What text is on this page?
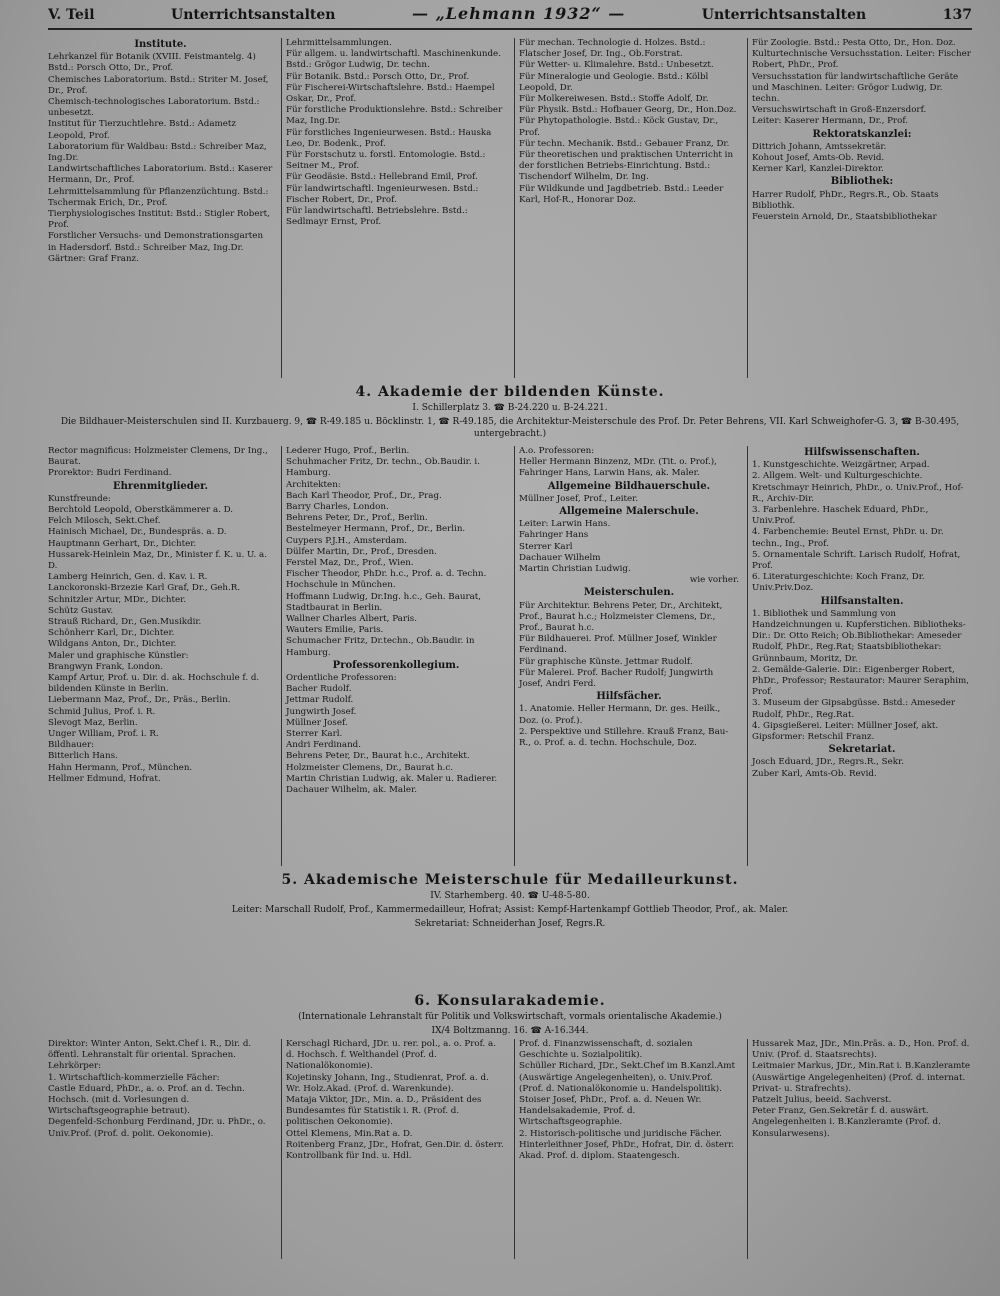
V. Teil	Unterrichtsanstalten	— „Lehmann 1932“ —	Unterrichtsanstalten	137
Institute.

Lehrkanzel für Botanik (XVIII. Feistmantelg. 4) Bstd.: Porsch Otto, Dr., Prof.
Chemisches Laboratorium. Bstd.: Striter M. Josef, Dr., Prof.
Chemisch-technologisches Laboratorium. Bstd.: unbesetzt.
Institut für Tierzuchtlehre. Bstd.: Adametz Leopold, Prof.
Laboratorium für Waldbau: Bstd.: Schreiber Maz, Ing.Dr.
Landwirtschaftliches Laboratorium. Bstd.: Kaserer Hermann, Dr., Prof.
Lehrmittelsammlung für Pflanzenzüchtung. Bstd.: Tschermak Erich, Dr., Prof.
Tierphysiologisches Institut: Bstd.: Stigler Robert, Prof.
Forstlicher Versuchs- und Demonstrationsgarten in Hadersdorf. Bstd.: Schreiber Maz, Ing.Dr.
Gärtner: Graf Franz.

Lehrmittelsammlungen.
Für allgem. u. landwirtschaftl. Maschinenkunde. Bstd.: Grögor Ludwig, Dr. techn.
Für Botanik. Bstd.: Porsch Otto, Dr., Prof.
Für Fischerei-Wirtschaftslehre. Bstd.: Haempel Oskar, Dr., Prof.
Für forstliche Produktionslehre. Bstd.: Schreiber Maz, Ing.Dr.
Für forstliches Ingenieurwesen. Bstd.: Hauska Leo, Dr. Bodenk., Prof.
Für Forstschutz u. forstl. Entomologie. Bstd.: Seitner M., Prof.
Für Geodäsie. Bstd.: Hellebrand Emil, Prof.
Für landwirtschaftl. Ingenieurwesen. Bstd.: Fischer Robert, Dr., Prof.
Für landwirtschaftl. Betriebslehre. Bstd.: Sedlmayr Ernst, Prof.

Für mechan. Technologie d. Holzes. Bstd.: Flatscher Josef, Dr. Ing., Ob.Forstrat.
Für Wetter- u. Klimalehre. Bstd.: Unbesetzt.
Für Mineralogie und Geologie. Bstd.: Kölbl Leopold, Dr.
Für Molkereiwesen. Bstd.: Stoffe Adolf, Dr.
Für Physik. Bstd.: Hofbauer Georg, Dr., Hon.Doz.
Für Phytopathologie. Bstd.: Köck Gustav, Dr., Prof.
Für techn. Mechanik. Bstd.: Gebauer Franz, Dr.
Für theoretischen und praktischen Unterricht in der forstlichen Betriebs-Einrichtung. Bstd.: Tischendorf Wilhelm, Dr. Ing.
Für Wildkunde und Jagdbetrieb. Bstd.: Leeder Karl, Hof-R., Honorar Doz.

Für Zoologie. Bstd.: Pesta Otto, Dr., Hon. Doz.
Kulturtechnische Versuchsstation. Leiter: Fischer Robert, PhDr., Prof.
Versuchsstation für landwirtschaftliche Geräte und Maschinen. Leiter: Grögor Ludwig, Dr. techn.
Versuchswirtschaft in Groß-Enzersdorf.
Leiter: Kaserer Hermann, Dr., Prof.

Rektoratskanzlei:

Dittrich Johann, Amtssekretär.
Kohout Josef, Amts-Ob. Revid.
Kerner Karl, Kanzlei-Direktor.

Bibliothek:

Harrer Rudolf, PhDr., Regrs.R., Ob. Staats Bibliothk.
Feuerstein Arnold, Dr., Staatsbibliothekar

4. Akademie der bildenden Künste.
I. Schillerplatz 3. ☎ B-24.220 u. B-24.221.
Die Bildhauer-Meisterschulen sind II. Kurzbauerg. 9, ☎ R-49.185 u. Böcklinstr. 1, ☎ R-49.185, die Architektur-Meisterschule des Prof. Dr. Peter Behrens, VII. Karl Schweighofer-G. 3, ☎ B-30.495, untergebracht.)

Rector magnificus: Holzmeister Clemens, Dr Ing., Baurat.
Prorektor: Budri Ferdinand.

Ehrenmitglieder.

Kunstfreunde:
Berchtold Leopold, Oberstkämmerer a. D.
Felch Milosch, Sekt.Chef.
Hainisch Michael, Dr., Bundespräs. a. D.
Hauptmann Gerhart, Dr., Dichter.
Hussarek-Heinlein Maz, Dr., Minister f. K. u. U. a. D.
Lamberg Heinrich, Gen. d. Kav. i. R.
Lanckoronski-Brzezie Karl Graf, Dr., Geh.R.
Schnitzler Artur, MDr., Dichter.
Schütz Gustav.
Strauß Richard, Dr., Gen.Musikdir.
Schönherr Karl, Dr., Dichter.
Wildgans Anton, Dr., Dichter.
Maler und graphische Künstler:
Brangwyn Frank, London.
Kampf Artur, Prof. u. Dir. d. ak. Hochschule f. d. bildenden Künste in Berlin.
Liebermann Maz, Prof., Dr., Präs., Berlin.
Schmid Julius, Prof. i. R.
Slevogt Maz, Berlin.
Unger William, Prof. i. R.
Bildhauer:
Bitterlich Hans.
Hahn Hermann, Prof., München.
Hellmer Edmund, Hofrat.

Lederer Hugo, Prof., Berlin.
Schuhmacher Fritz, Dr. techn., Ob.Baudir. i. Hamburg.
Architekten:
Bach Karl Theodor, Prof., Dr., Prag.
Barry Charles, London.
Behrens Peter, Dr., Prof., Berlin.
Bestelmeyer Hermann, Prof., Dr., Berlin.
Cuypers P.J.H., Amsterdam.
Dülfer Martin, Dr., Prof., Dresden.
Ferstel Maz, Dr., Prof., Wien.
Fischer Theodor, PhDr. h.c., Prof. a. d. Techn. Hochschule in München.
Hoffmann Ludwig, Dr.Ing. h.c., Geh. Baurat, Stadtbaurat in Berlin.
Wallner Charles Albert, Paris.
Wauters Emilie, Paris.
Schumacher Fritz, Dr.techn., Ob.Baudir. in Hamburg.

Professorenkollegium.

Ordentliche Professoren:
Bacher Rudolf.
Jettmar Rudolf.
Jungwirth Josef.
Müllner Josef.
Sterrer Karl.
Andri Ferdinand.
Behrens Peter, Dr., Baurat h.c., Architekt.
Holzmeister Clemens, Dr., Baurat h.c.
Martin Christian Ludwig, ak. Maler u. Radierer.
Dachauer Wilhelm, ak. Maler.

A.o. Professoren:
Heller Hermann Binzenz, MDr. (Tit. o. Prof.), Fahringer Hans, Larwin Hans, ak. Maler.

Allgemeine Bildhauerschule.

Müllner Josef, Prof., Leiter.

Allgemeine Malerschule.

Leiter: Larwin Hans.
Fahringer Hans
Sterrer Karl
Dachauer Wilhelm
Martin Christian Ludwig.

wie vorher.

Meisterschulen.

Für Architektur. Behrens Peter, Dr., Architekt, Prof., Baurat h.c.; Holzmeister Clemens, Dr., Prof., Baurat h.c.
Für Bildhauerei. Prof. Müllner Josef, Winkler Ferdinand.
Für graphische Künste. Jettmar Rudolf.
Für Malerei. Prof. Bacher Rudolf; Jungwirth Josef, Andri Ferd.

Hilfsfächer.

1. Anatomie. Heller Hermann, Dr. ges. Heilk., Doz. (o. Prof.).
2. Perspektive und Stillehre. Krauß Franz, Bau-R., o. Prof. a. d. techn. Hochschule, Doz.

Hilfswissenschaften.

1. Kunstgeschichte. Weizgärtner, Arpad.
2. Allgem. Welt- und Kulturgeschichte. Kretschmayr Heinrich, PhDr., o. Univ.Prof., Hof-R., Archiv-Dir.
3. Farbenlehre. Haschek Eduard, PhDr., Univ.Prof.
4. Farbenchemie: Beutel Ernst, PhDr. u. Dr. techn., Ing., Prof.
5. Ornamentale Schrift. Larisch Rudolf, Hofrat, Prof.
6. Literaturgeschichte: Koch Franz, Dr. Univ.Priv.Doz.

Hilfsanstalten.

1. Bibliothek und Sammlung von Handzeichnungen u. Kupferstichen. Bibliotheks-Dir.: Dr. Otto Reich; Ob.Bibliothekar: Ameseder Rudolf, PhDr., Reg.Rat; Staatsbibliothekar: Grünnbaum, Moritz, Dr.
2. Gemälde-Galerie. Dir.: Eigenberger Robert, PhDr., Professor; Restaurator: Maurer Seraphim, Prof.
3. Museum der Gipsabgüsse. Bstd.: Ameseder Rudolf, PhDr., Reg.Rat.
4. Gipsgießerei. Leiter: Müllner Josef, akt. Gipsformer: Retschil Franz.

Sekretariat.

Josch Eduard, JDr., Regrs.R., Sekr.
Zuber Karl, Amts-Ob. Revid.

5. Akademische Meisterschule für Medailleurkunst.
IV. Starhemberg. 40. ☎ U-48-5-80.
Leiter: Marschall Rudolf, Prof., Kammermedailleur, Hofrat; Assist: Kempf-Hartenkampf Gottlieb Theodor, Prof., ak. Maler.
Sekretariat: Schneiderhan Josef, Regrs.R.
6. Konsularakademie.
(Internationale Lehranstalt für Politik und Volkswirtschaft, vormals orientalische Akademie.)
IX/4 Boltzmanng. 16. ☎ A-16.344.

Direktor: Winter Anton, Sekt.Chef i. R., Dir. d. öffentl. Lehranstalt für oriental. Sprachen.
Lehrkörper:
1. Wirtschaftlich-kommerzielle Fächer:
Castle Eduard, PhDr., a. o. Prof. an d. Techn. Hochsch. (mit d. Vorlesungen d. Wirtschaftsgeographie betraut).
Degenfeld-Schonburg Ferdinand, JDr. u. PhDr., o. Univ.Prof. (Prof. d. polit. Oekonomie).

Kerschagl Richard, JDr. u. rer. pol., a. o. Prof. a. d. Hochsch. f. Welthandel (Prof. d. Nationalökonomie).
Kojetinsky Johann, Ing., Studienrat, Prof. a. d. Wr. Holz.Akad. (Prof. d. Warenkunde).
Mataja Viktor, JDr., Min. a. D., Präsident des Bundesamtes für Statistik i. R. (Prof. d. politischen Oekonomie).
Ottel Klemens, Min.Rat a. D.
Roitenberg Franz, JDr., Hofrat, Gen.Dir. d. österr. Kontrollbank für Ind. u. Hdl.

Prof. d. Finanzwissenschaft, d. sozialen Geschichte u. Sozialpolitik).
Schüller Richard, JDr., Sekt.Chef im B.Kanzl.Amt (Auswärtige Angelegenheiten), o. Univ.Prof. (Prof. d. Nationalökonomie u. Handelspolitik).
Stoiser Josef, PhDr., Prof. a. d. Neuen Wr. Handelsakademie, Prof. d. Wirtschaftsgeographie.
2. Historisch-politische und juridische Fächer.
Hinterleithner Josef, PhDr., Hofrat, Dir. d. österr. Akad. Prof. d. diplom. Staatengesch.

Hussarek Maz, JDr., Min.Präs. a. D., Hon. Prof. d. Univ. (Prof. d. Staatsrechts).
Leitmaier Markus, JDr., Min.Rat i. B.Kanzleramte (Auswärtige Angelegenheiten) (Prof. d. internat. Privat- u. Strafrechts).
Patzelt Julius, beeid. Sachverst.
Peter Franz, Gen.Sekretär f. d. auswärt. Angelegenheiten i. B.Kanzleramte (Prof. d. Konsularwesens).
